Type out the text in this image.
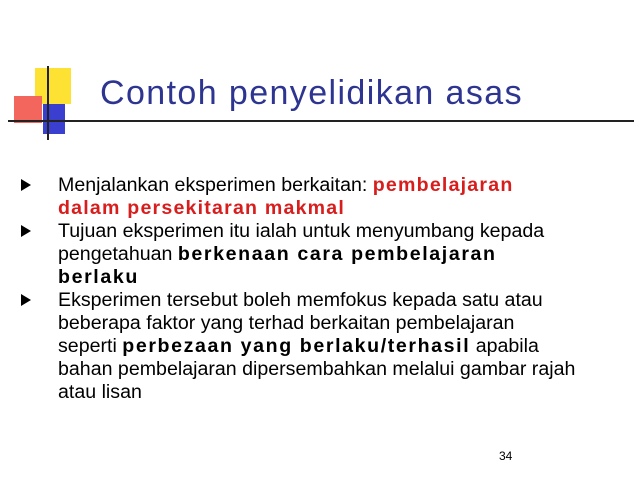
Contoh penyelidikan asas
Menjalankan eksperimen berkaitan: pembelajaran dalam persekitaran makmal
Tujuan eksperimen itu ialah untuk menyumbang kepada pengetahuan berkenaan cara pembelajaran berlaku
Eksperimen tersebut boleh memfokus kepada satu atau beberapa faktor yang terhad berkaitan pembelajaran seperti perbezaan yang berlaku/terhasil apabila bahan pembelajaran dipersembahkan melalui gambar rajah atau lisan
34
